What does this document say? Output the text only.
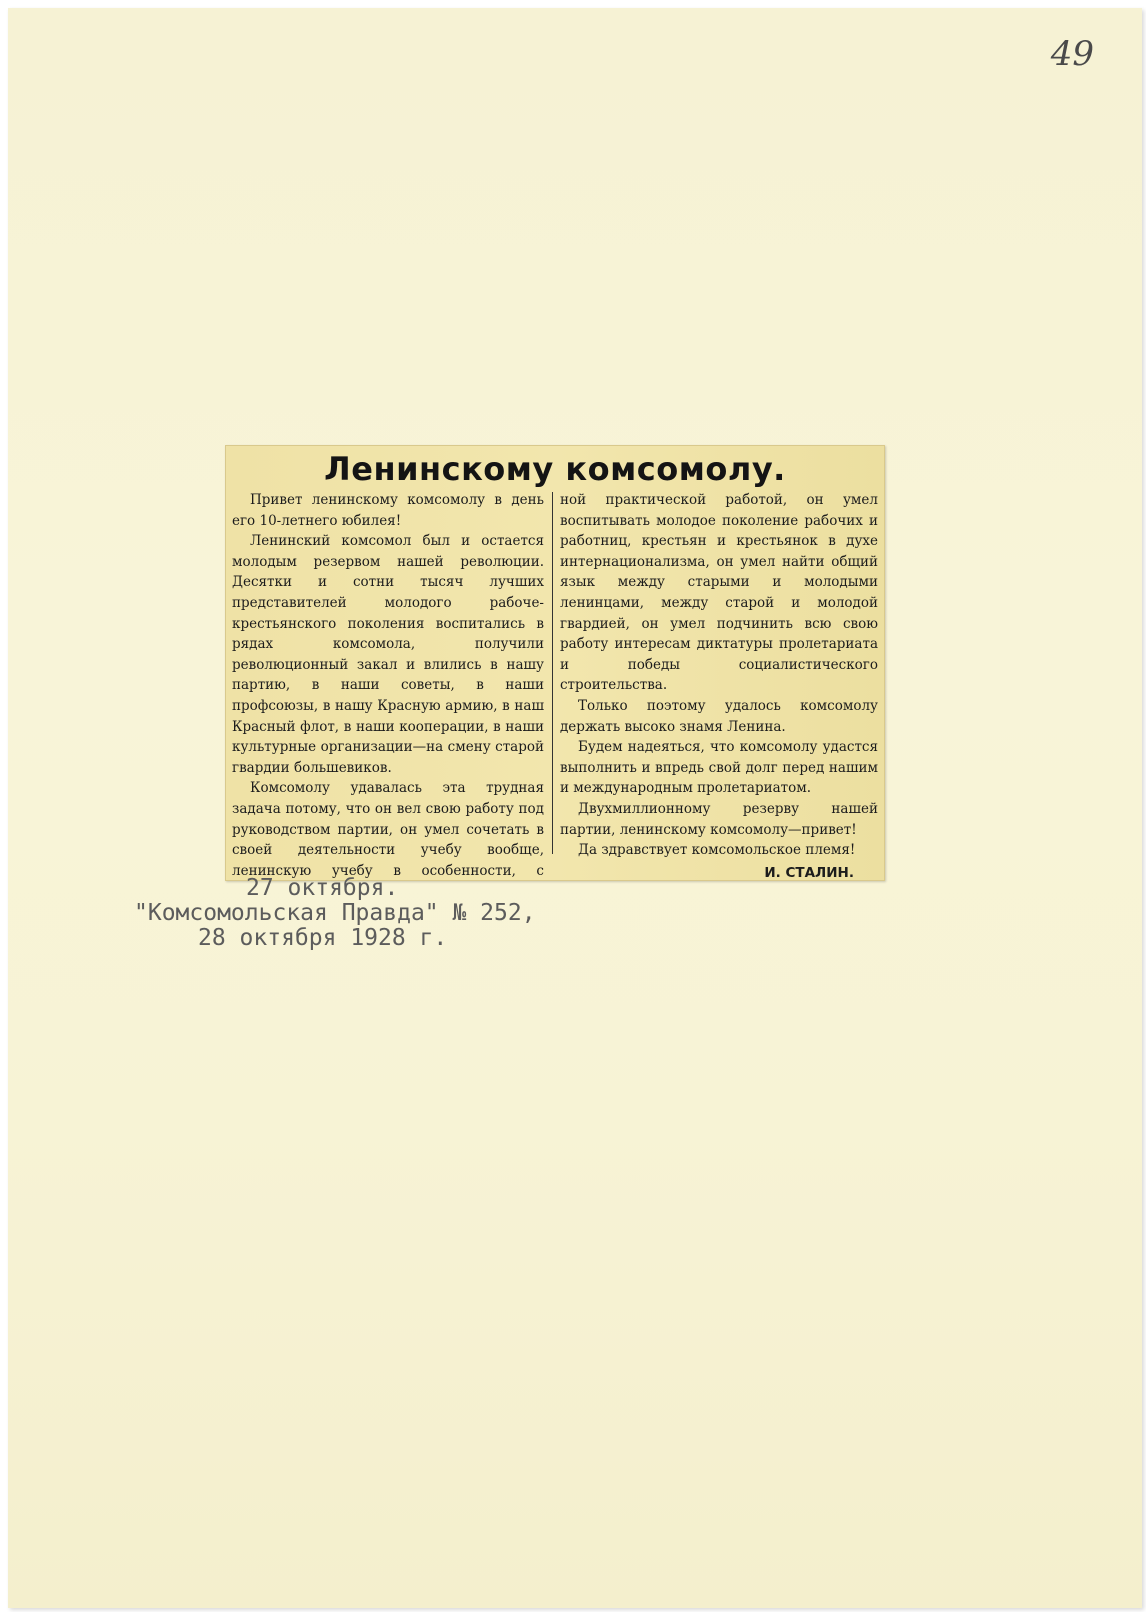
49
Ленинскому комсомолу.

Привет ленинскому комсомолу в день его 10-летнего юбилея!

Ленинский комсомол был и остается молодым резервом нашей революции. Десятки и сотни тысяч лучших представителей молодого рабоче-крестьянского поколения воспитались в рядах комсомола, получили революционный закал и влились в нашу партию, в наши советы, в наши профсоюзы, в нашу Красную армию, в наш Красный флот, в наши кооперации, в наши культурные организации—на смену старой гвардии большевиков.

Комсомолу удавалась эта трудная задача потому, что он вел свою работу под руководством партии, он умел сочетать в своей деятельности учебу вообще, ленинскую учебу в особенности, с

ной практической работой, он умел воспитывать молодое поколение рабочих и работниц, крестьян и крестьянок в духе интернационализма, он умел найти общий язык между старыми и молодыми ленинцами, между старой и молодой гвардией, он умел подчинить всю свою работу интересам диктатуры пролетариата и победы социалистического строительства.

Только поэтому удалось комсомолу держать высоко знамя Ленина.

Будем надеяться, что комсомолу удастся выполнить и впредь свой долг перед нашим и международным пролетариатом.

Двухмиллионному резерву нашей партии, ленинскому комсомолу—привет!

Да здравствует комсомольское племя!

И. СТАЛИН.
27 октября.
"Комсомольская Правда" № 252,
28 октября 1928 г.
